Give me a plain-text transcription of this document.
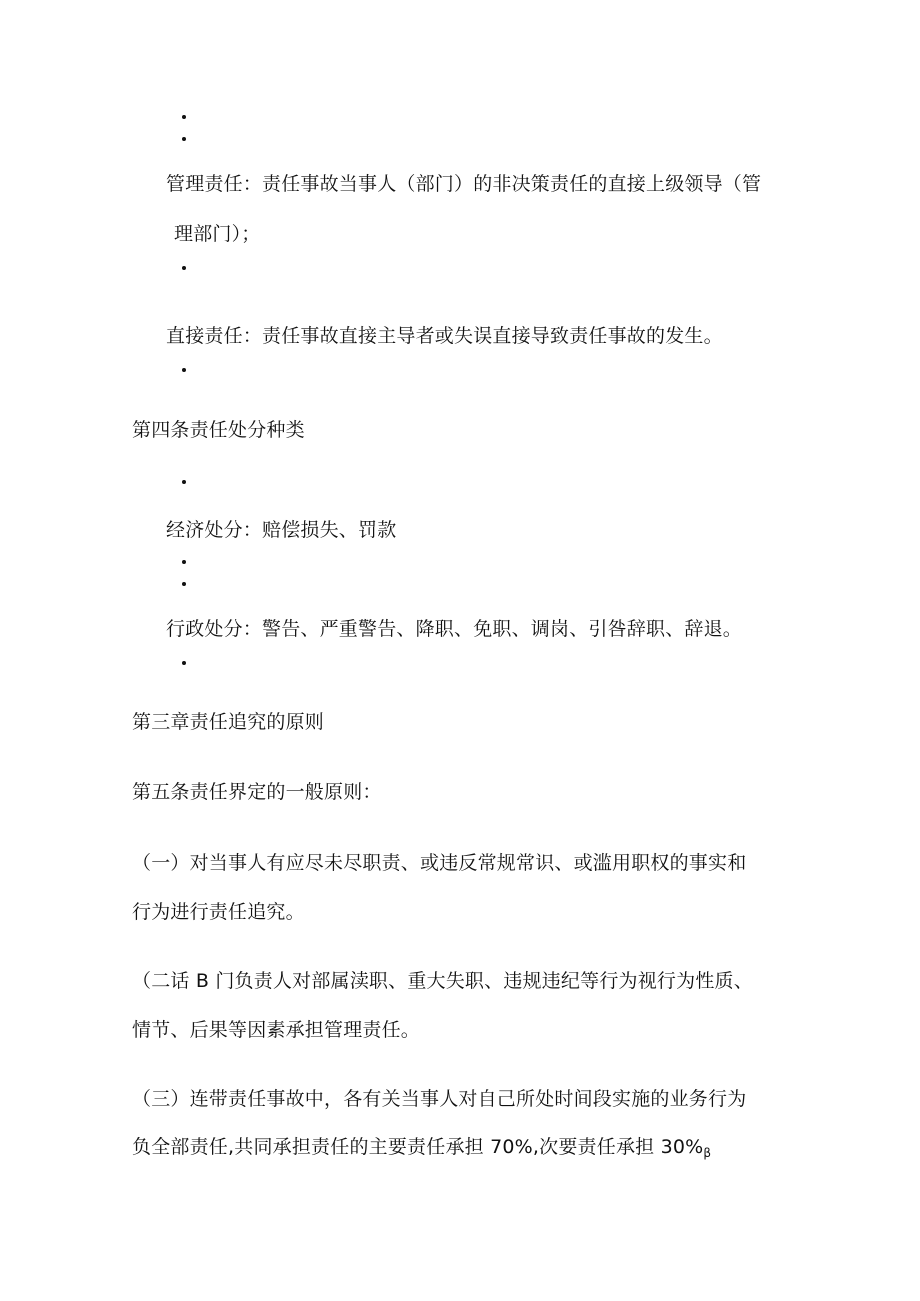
管理责任：责任事故当事人（部门）的非决策责任的直接上级领导（管
理部门）；
直接责任：责任事故直接主导者或失误直接导致责任事故的发生。
第四条责任处分种类
经济处分：赔偿损失、罚款
行政处分：警告、严重警告、降职、免职、调岗、引咎辞职、辞退。
第三章责任追究的原则
第五条责任界定的一般原则：
（一）对当事人有应尽未尽职责、或违反常规常识、或滥用职权的事实和
行为进行责任追究。
（二话 B 门负责人对部属渎职、重大失职、违规违纪等行为视行为性质、
情节、后果等因素承担管理责任。
（三）连带责任事故中，各有关当事人对自己所处时间段实施的业务行为
负全部责任,共同承担责任的主要责任承担 70%,次要责任承担 $30\%_\beta$
